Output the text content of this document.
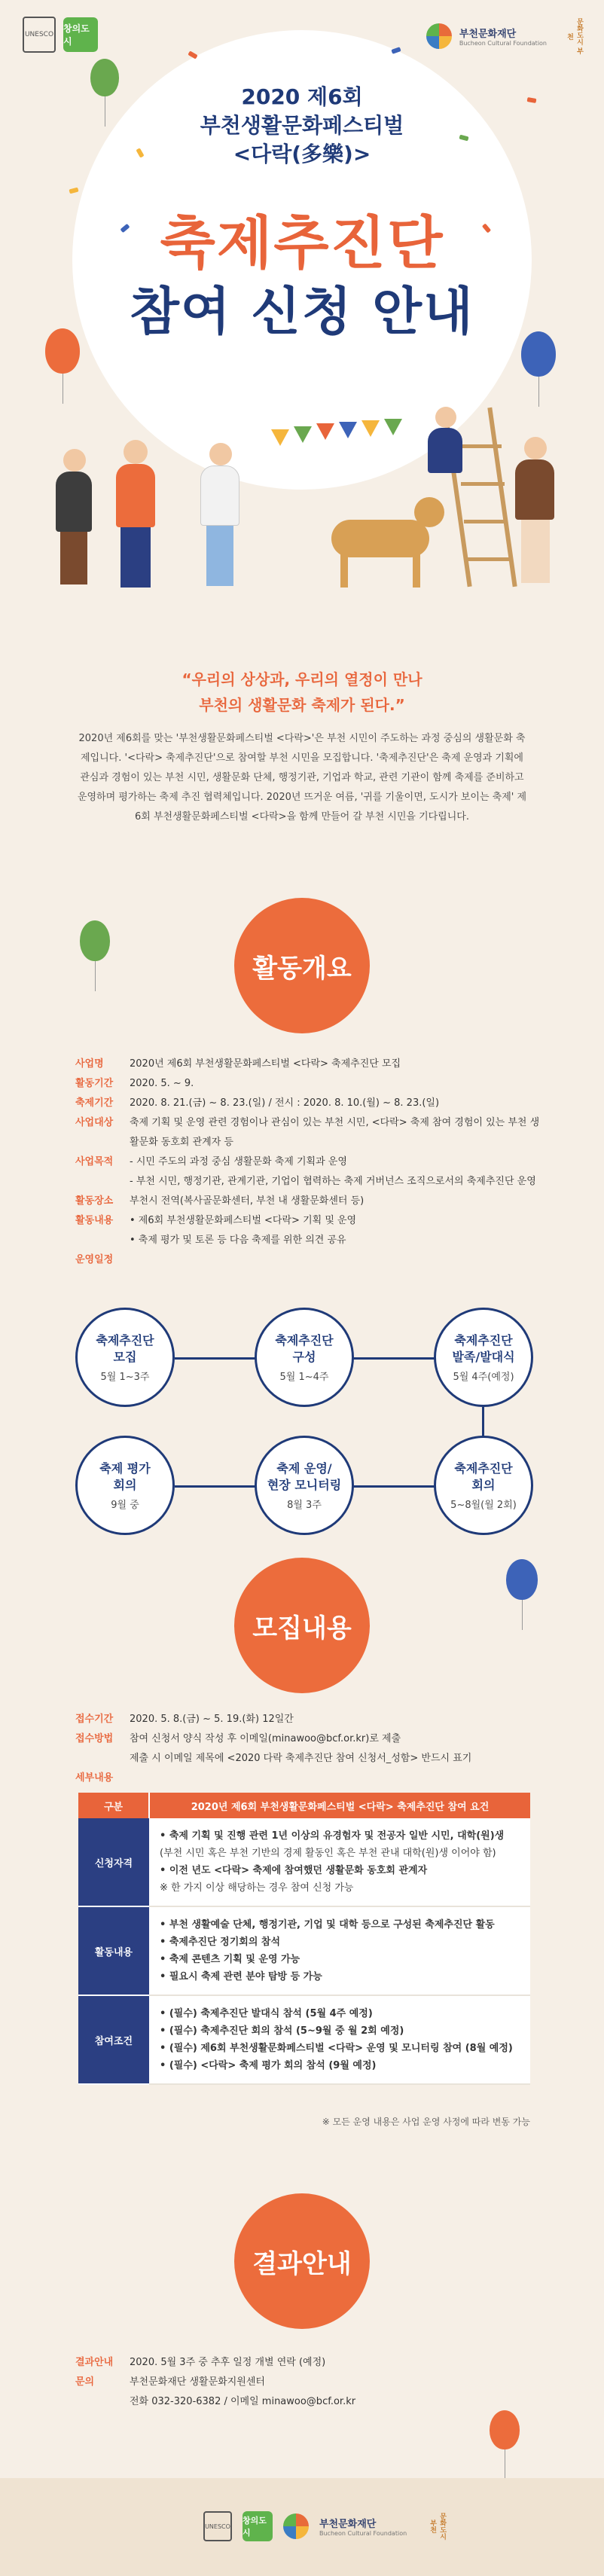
UNESCO
창의도시
부천문화재단
Bucheon Cultural Foundation	문화도시 부천
2020 제6회
부천생활문화페스티벌
<다락(多樂)>
축제추진단
참여 신청 안내
“우리의 상상과, 우리의 열정이 만나
부천의 생활문화 축제가 된다.”
2020년 제6회를 맞는 '부천생활문화페스티벌 <다락>'은 부천 시민이 주도하는 과정 중심의 생활문화 축제입니다. '<다락> 축제추진단'으로 참여할 부천 시민을 모집합니다. '축제추진단'은 축제 운영과 기획에 관심과 경험이 있는 부천 시민, 생활문화 단체, 행정기관, 기업과 학교, 관련 기관이 함께 축제를 준비하고 운영하며 평가하는 축제 추진 협력체입니다. 2020년 뜨거운 여름, '귀를 기울이면, 도시가 보이는 축제' 제6회 부천생활문화페스티벌 <다락>을 함께 만들어 갈 부천 시민을 기다립니다.
활동개요
사업명	2020년 제6회 부천생활문화페스티벌 <다락> 축제추진단 모집
활동기간	2020. 5. ~ 9.
축제기간	2020. 8. 21.(금) ~ 8. 23.(일) / 전시 : 2020. 8. 10.(월) ~ 8. 23.(일)
사업대상	축제 기획 및 운영 관련 경험이나 관심이 있는 부천 시민, <다락> 축제 참여 경험이 있는 부천 생활문화 동호회 관계자 등
사업목적	- 시민 주도의 과정 중심 생활문화 축제 기획과 운영
- 부천 시민, 행정기관, 관계기관, 기업이 협력하는 축제 거버넌스 조직으로서의 축제추진단 운영
활동장소	부천시 전역(복사골문화센터, 부천 내 생활문화센터 등)
활동내용	• 제6회 부천생활문화페스티벌 <다락> 기획 및 운영
• 축제 평가 및 토론 등 다음 축제를 위한 의견 공유
운영일정
축제추진단
모집
5월 1~3주
축제추진단
구성
5월 1~4주
축제추진단
발족/발대식
5월 4주(예정)
축제 평가
회의
9월 중
축제 운영/
현장 모니터링
8월 3주
축제추진단
회의
5~8월(월 2회)
모집내용
접수기간	2020. 5. 8.(금) ~ 5. 19.(화) 12일간
접수방법	참여 신청서 양식 작성 후 이메일(minawoo@bcf.or.kr)로 제출
제출 시 이메일 제목에 <2020 다락 축제추진단 참여 신청서_성함> 반드시 표기
세부내용
구분	2020년 제6회 부천생활문화페스티벌 <다락> 축제추진단 참여 요건
신청자격	• 축제 기획 및 진행 관련 1년 이상의 유경험자 및 전공자 일반 시민, 대학(원)생
(부천 시민 혹은 부천 기반의 경제 활동인 혹은 부천 관내 대학(원)생 이어야 함)
• 이전 년도 <다락> 축제에 참여했던 생활문화 동호회 관계자
※ 한 가지 이상 해당하는 경우 참여 신청 가능

활동내용	• 부천 생활예술 단체, 행정기관, 기업 및 대학 등으로 구성된 축제추진단 활동
• 축제추진단 정기회의 참석
• 축제 콘텐츠 기획 및 운영 가능
• 필요시 축제 관련 분야 탐방 등 가능

참여조건	• (필수) 축제추진단 발대식 참석 (5월 4주 예정)
• (필수) 축제추진단 회의 참석 (5~9월 중 월 2회 예정)
• (필수) 제6회 부천생활문화페스티벌 <다락> 운영 및 모니터링 참여 (8월 예정)
• (필수) <다락> 축제 평가 회의 참석 (9월 예정)
※ 모든 운영 내용은 사업 운영 사정에 따라 변동 가능
결과안내
결과안내	2020. 5월 3주 중 추후 일정 개별 연락 (예정)
문의	부천문화재단 생활문화지원센터
전화 032-320-6382 / 이메일 minawoo@bcf.or.kr
UNESCO
창의도시
부천문화재단
Bucheon Cultural Foundation	문화도시 부천
